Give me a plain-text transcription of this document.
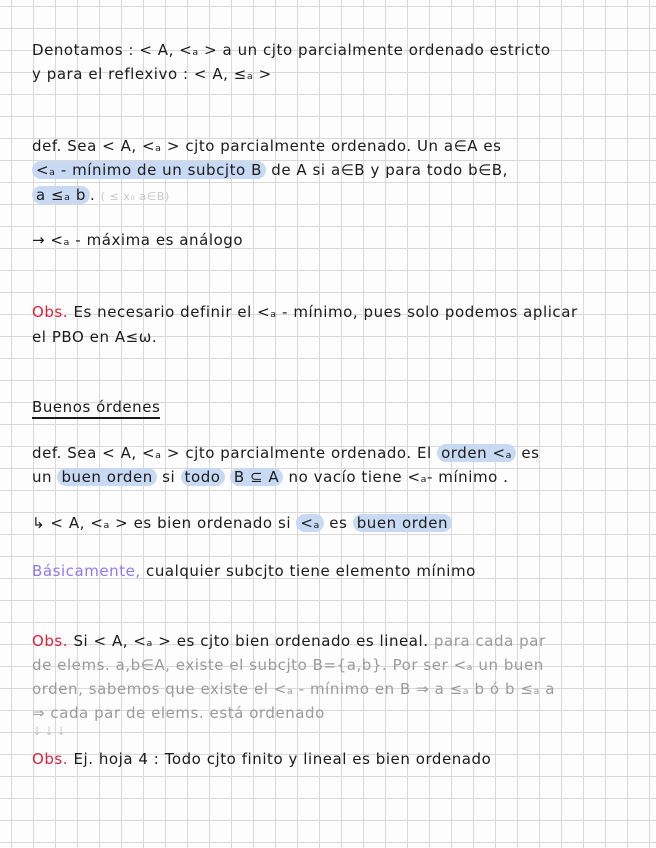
Denotamos : < A, <ₐ > a un cjto parcialmente ordenado estricto
y para el reflexivo : < A, ≤ₐ >
def. Sea < A, <ₐ > cjto parcialmente ordenado. Un a∈A es
<ₐ - mínimo de un subcjto B de A si a∈B y para todo b∈B,
a ≤ₐ b . ( ≤ x₀ a∈B)
→ <ₐ - máxima es análogo
Obs. Es necesario definir el <ₐ - mínimo, pues solo podemos aplicar
el PBO en A≤ω.
Buenos órdenes
def. Sea < A, <ₐ > cjto parcialmente ordenado. El orden <ₐ es
un buen orden si todo B ⊆ A no vacío tiene <ₐ- mínimo .
↳ < A, <ₐ > es bien ordenado si <ₐ es buen orden
Básicamente, cualquier subcjto tiene elemento mínimo
Obs. Si < A, <ₐ > es cjto bien ordenado es lineal. para cada par
de elems. a,b∈A, existe el subcjto B={a,b}. Por ser <ₐ un buen
orden, sabemos que existe el <ₐ - mínimo en B ⇒ a ≤ₐ b ó b ≤ₐ a
⇒ cada par de elems. está ordenado
↓↓↓
Obs. Ej. hoja 4 : Todo cjto finito y lineal es bien ordenado
